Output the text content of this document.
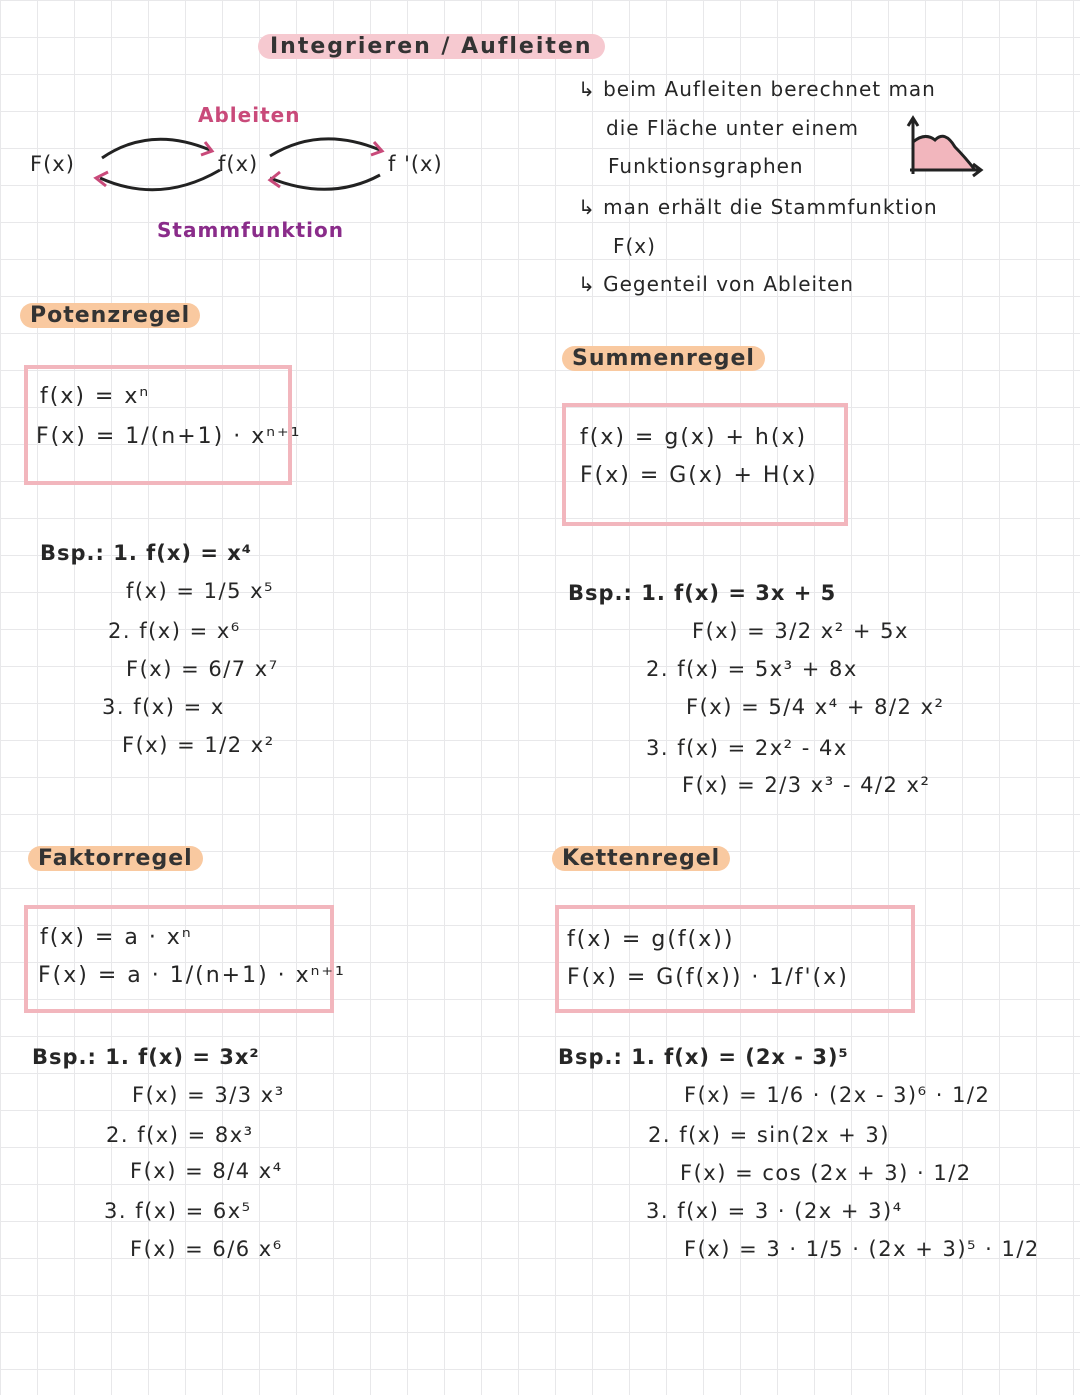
Integrieren / Aufleiten
F(x)	f(x)	f '(x)
Ableiten
Stammfunktion
↳ beim Aufleiten berechnet man
die Fläche unter einem
Funktionsgraphen
↳ man erhält die Stammfunktion
F(x)
↳ Gegenteil von Ableiten
Potenzregel
f(x) = xⁿ
F(x) = 1/(n+1) · xⁿ⁺¹
Bsp.: 1. f(x) = x⁴
f(x) = 1/5 x⁵
2. f(x) = x⁶
F(x) = 6/7 x⁷
3. f(x) = x
F(x) = 1/2 x²
Summenregel
f(x) = g(x) + h(x)
F(x) = G(x) + H(x)
Bsp.: 1. f(x) = 3x + 5
F(x) = 3/2 x² + 5x
2. f(x) = 5x³ + 8x
F(x) = 5/4 x⁴ + 8/2 x²
3. f(x) = 2x² - 4x
F(x) = 2/3 x³ - 4/2 x²
Faktorregel
f(x) = a · xⁿ
F(x) = a · 1/(n+1) · xⁿ⁺¹
Bsp.: 1. f(x) = 3x²
F(x) = 3/3 x³
2. f(x) = 8x³
F(x) = 8/4 x⁴
3. f(x) = 6x⁵
F(x) = 6/6 x⁶
Kettenregel
f(x) = g(f(x))
F(x) = G(f(x)) · 1/f'(x)
Bsp.: 1. f(x) = (2x - 3)⁵
F(x) = 1/6 · (2x - 3)⁶ · 1/2
2. f(x) = sin(2x + 3)
F(x) = cos (2x + 3) · 1/2
3. f(x) = 3 · (2x + 3)⁴
F(x) = 3 · 1/5 · (2x + 3)⁵ · 1/2
